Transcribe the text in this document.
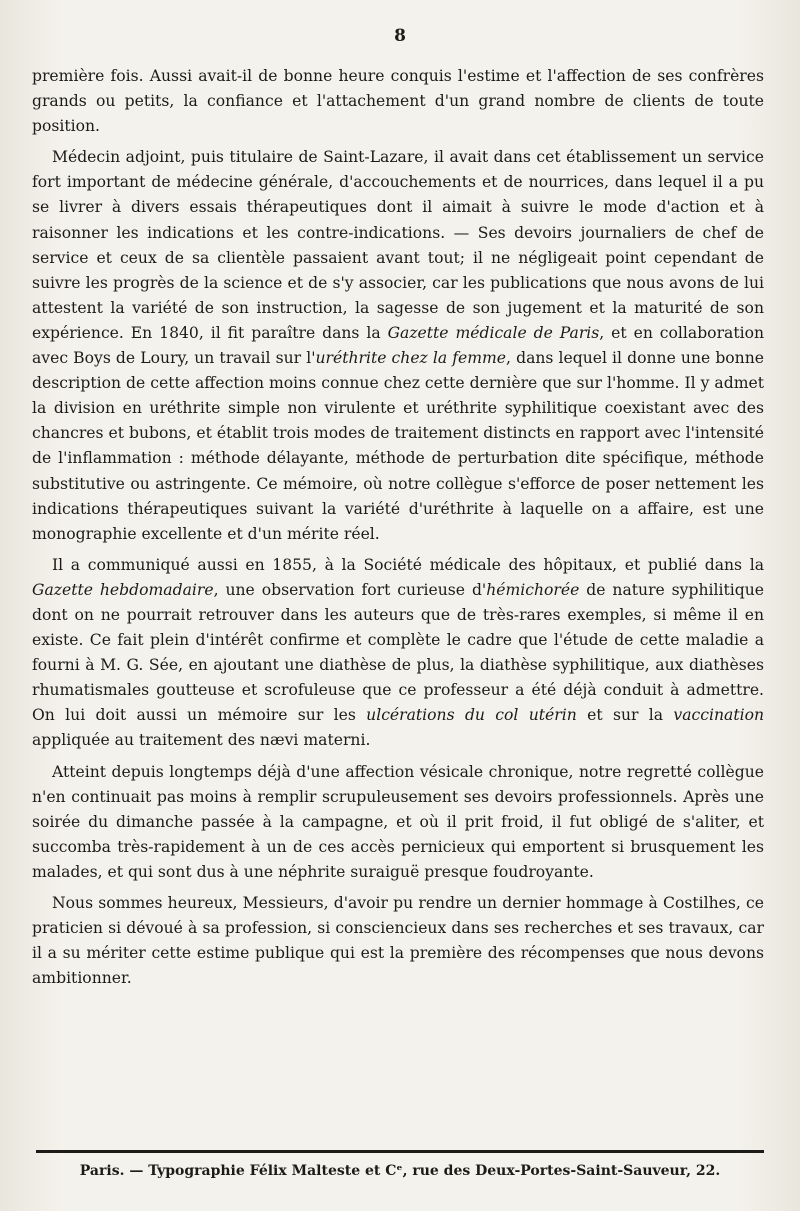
8

première fois. Aussi avait-il de bonne heure conquis l'estime et l'affection de ses confrères grands ou petits, la confiance et l'attachement d'un grand nombre de clients de toute position.

Médecin adjoint, puis titulaire de Saint-Lazare, il avait dans cet établissement un service fort important de médecine générale, d'accouchements et de nourrices, dans lequel il a pu se livrer à divers essais thérapeutiques dont il aimait à suivre le mode d'action et à raisonner les indications et les contre-indications. — Ses devoirs journaliers de chef de service et ceux de sa clientèle passaient avant tout; il ne négligeait point cependant de suivre les progrès de la science et de s'y associer, car les publications que nous avons de lui attestent la variété de son instruction, la sagesse de son jugement et la maturité de son expérience. En 1840, il fit paraître dans la Gazette médicale de Paris, et en collaboration avec Boys de Loury, un travail sur l'uréthrite chez la femme, dans lequel il donne une bonne description de cette affection moins connue chez cette dernière que sur l'homme. Il y admet la division en uréthrite simple non virulente et uréthrite syphilitique coexistant avec des chancres et bubons, et établit trois modes de traitement distincts en rapport avec l'intensité de l'inflammation : méthode délayante, méthode de perturbation dite spécifique, méthode substitutive ou astringente. Ce mémoire, où notre collègue s'efforce de poser nettement les indications thérapeutiques suivant la variété d'uréthrite à laquelle on a affaire, est une monographie excellente et d'un mérite réel.

Il a communiqué aussi en 1855, à la Société médicale des hôpitaux, et publié dans la Gazette hebdomadaire, une observation fort curieuse d'hémichorée de nature syphilitique dont on ne pourrait retrouver dans les auteurs que de très-rares exemples, si même il en existe. Ce fait plein d'intérêt confirme et complète le cadre que l'étude de cette maladie a fourni à M. G. Sée, en ajoutant une diathèse de plus, la diathèse syphilitique, aux diathèses rhumatismales goutteuse et scrofuleuse que ce professeur a été déjà conduit à admettre. On lui doit aussi un mémoire sur les ulcérations du col utérin et sur la vaccination appliquée au traitement des nævi materni.

Atteint depuis longtemps déjà d'une affection vésicale chronique, notre regretté collègue n'en continuait pas moins à remplir scrupuleusement ses devoirs professionnels. Après une soirée du dimanche passée à la campagne, et où il prit froid, il fut obligé de s'aliter, et succomba très-rapidement à un de ces accès pernicieux qui emportent si brusquement les malades, et qui sont dus à une néphrite suraiguë presque foudroyante.

Nous sommes heureux, Messieurs, d'avoir pu rendre un dernier hommage à Costilhes, ce praticien si dévoué à sa profession, si consciencieux dans ses recherches et ses travaux, car il a su mériter cette estime publique qui est la première des récompenses que nous devons ambitionner.

Paris. — Typographie Félix Malteste et Cᵉ, rue des Deux-Portes-Saint-Sauveur, 22.
